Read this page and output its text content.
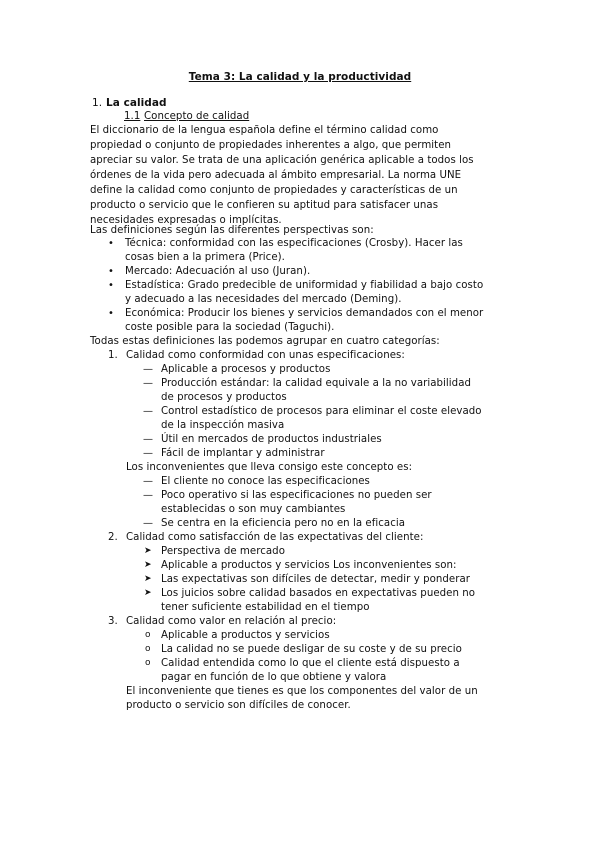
Tema 3: La calidad y la productividad
1. La calidad
1.1 Concepto de calidad
El diccionario de la lengua española define el término calidad como
propiedad o conjunto de propiedades inherentes a algo, que permiten
apreciar su valor. Se trata de una aplicación genérica aplicable a todos los
órdenes de la vida pero adecuada al ámbito empresarial. La norma UNE
define la calidad como conjunto de propiedades y características de un
producto o servicio que le confieren su aptitud para satisfacer unas
necesidades expresadas o implícitas.
Las definiciones según las diferentes perspectivas son:
• Técnica: conformidad con las especificaciones (Crosby). Hacer las
cosas bien a la primera (Price).
• Mercado: Adecuación al uso (Juran).
• Estadística: Grado predecible de uniformidad y fiabilidad a bajo costo
y adecuado a las necesidades del mercado (Deming).
• Económica: Producir los bienes y servicios demandados con el menor
coste posible para la sociedad (Taguchi).
Todas estas definiciones las podemos agrupar en cuatro categorías:
1. Calidad como conformidad con unas especificaciones:
— Aplicable a procesos y productos
— Producción estándar: la calidad equivale a la no variabilidad
de procesos y productos
— Control estadístico de procesos para eliminar el coste elevado
de la inspección masiva
— Útil en mercados de productos industriales
— Fácil de implantar y administrar
Los inconvenientes que lleva consigo este concepto es:
— El cliente no conoce las especificaciones
— Poco operativo si las especificaciones no pueden ser
establecidas o son muy cambiantes
— Se centra en la eficiencia pero no en la eficacia
2. Calidad como satisfacción de las expectativas del cliente:
➤ Perspectiva de mercado
➤ Aplicable a productos y servicios Los inconvenientes son:
➤ Las expectativas son difíciles de detectar, medir y ponderar
➤ Los juicios sobre calidad basados en expectativas pueden no
tener suficiente estabilidad en el tiempo
3. Calidad como valor en relación al precio:
o Aplicable a productos y servicios
o La calidad no se puede desligar de su coste y de su precio
o Calidad entendida como lo que el cliente está dispuesto a
pagar en función de lo que obtiene y valora
El inconveniente que tienes es que los componentes del valor de un
producto o servicio son difíciles de conocer.
